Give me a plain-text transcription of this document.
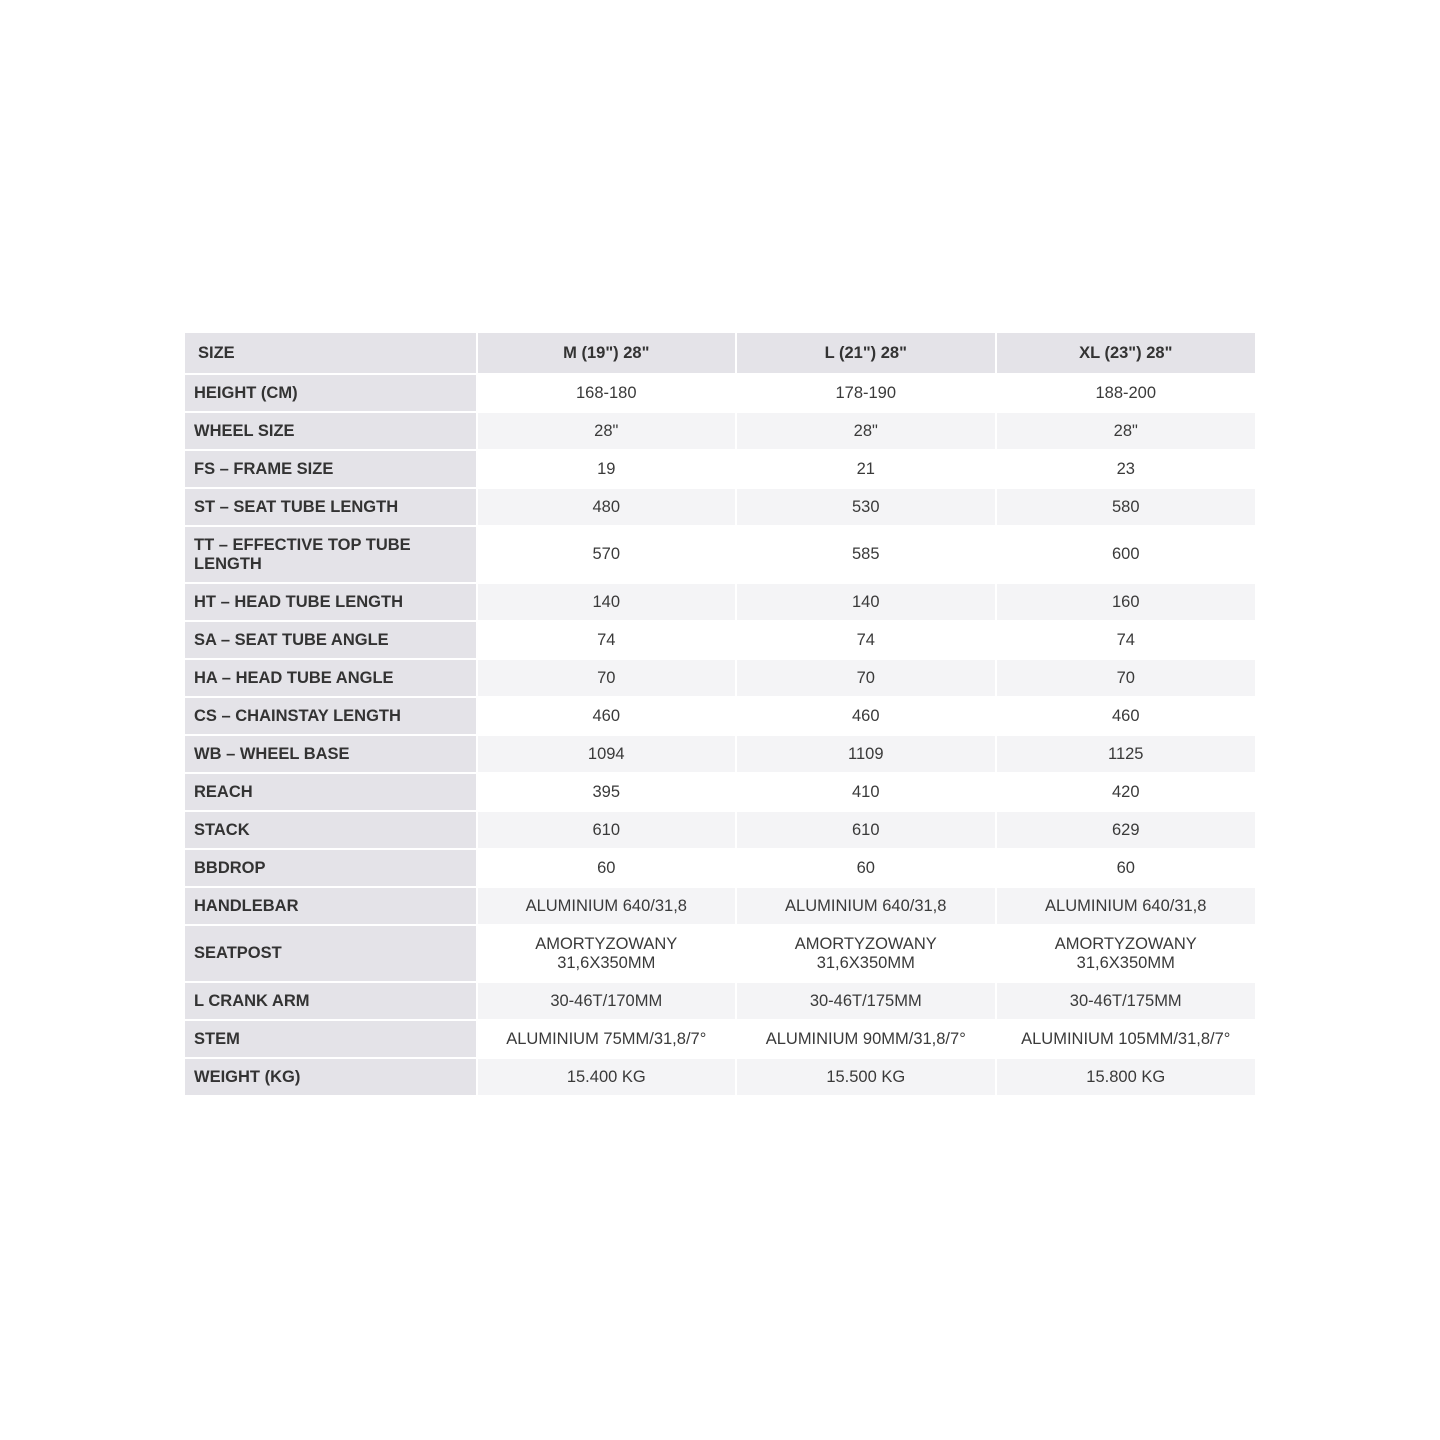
SIZE	M (19") 28"	L (21") 28"	XL (23") 28"
HEIGHT (CM)	168-180	178-190	188-200
WHEEL SIZE	28"	28"	28"
FS – FRAME SIZE	19	21	23
ST – SEAT TUBE LENGTH	480	530	580
TT – EFFECTIVE TOP TUBE LENGTH	570	585	600
HT – HEAD TUBE LENGTH	140	140	160
SA – SEAT TUBE ANGLE	74	74	74
HA – HEAD TUBE ANGLE	70	70	70
CS – CHAINSTAY LENGTH	460	460	460
WB – WHEEL BASE	1094	1109	1125
REACH	395	410	420
STACK	610	610	629
BBDROP	60	60	60
HANDLEBAR	ALUMINIUM 640/31,8	ALUMINIUM 640/31,8	ALUMINIUM 640/31,8
SEATPOST	AMORTYZOWANY 31,6X350MM	AMORTYZOWANY 31,6X350MM	AMORTYZOWANY 31,6X350MM
L CRANK ARM	30-46T/170MM	30-46T/175MM	30-46T/175MM
STEM	ALUMINIUM 75MM/31,8/7°	ALUMINIUM 90MM/31,8/7°	ALUMINIUM 105MM/31,8/7°
WEIGHT (KG)	15.400 KG	15.500 KG	15.800 KG
